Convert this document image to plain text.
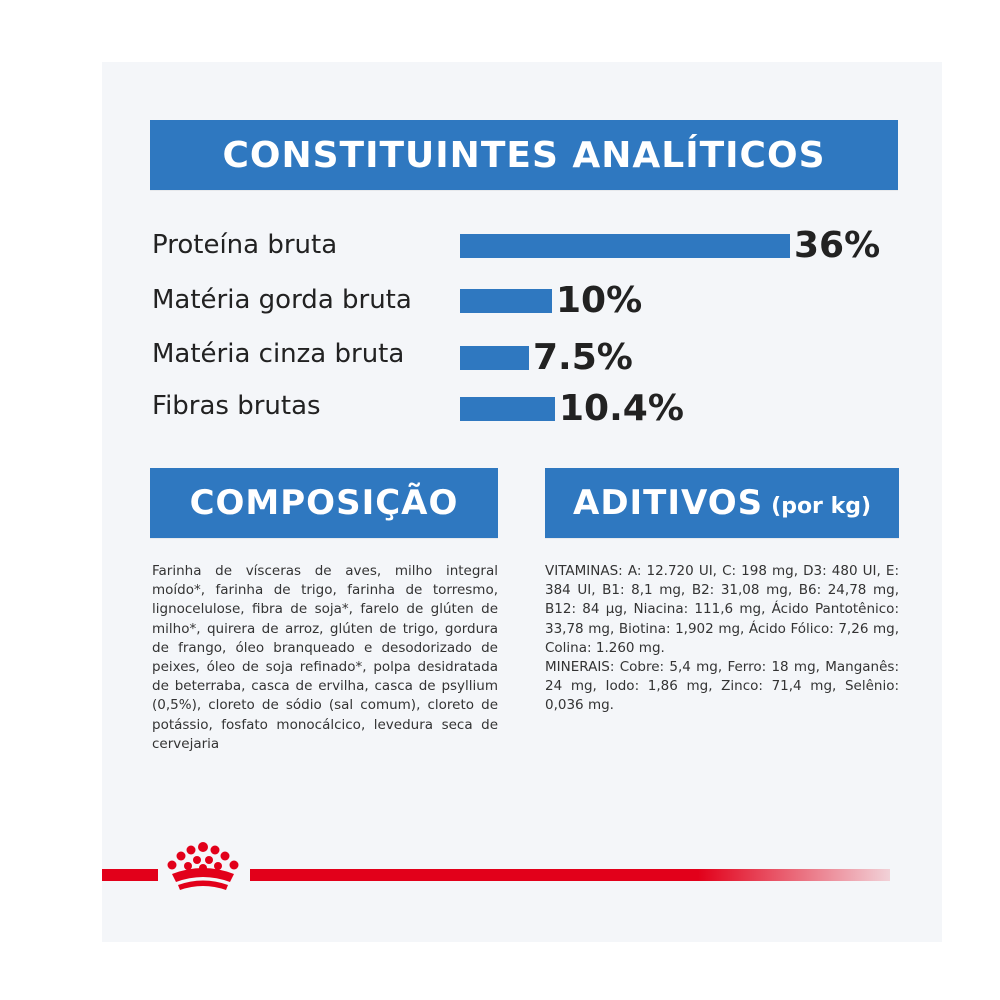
CONSTITUINTES ANALÍTICOS
Proteína bruta
Matéria gorda bruta
Matéria cinza bruta
Fibras brutas
36%
10%
7.5%
10.4%
COMPOSIÇÃO	ADITIVOS (por kg)
Farinha de vísceras de aves, milho integral moído*, farinha de trigo, farinha de torresmo, lignocelulose, fibra de soja*, farelo de glúten de milho*, quirera de arroz, glúten de trigo, gordura de frango, óleo branqueado e desodorizado de peixes, óleo de soja refinado*, polpa desidratada de beterraba, casca de ervilha, casca de psyllium (0,5%), cloreto de sódio (sal comum), cloreto de potássio, fosfato monocálcico, levedura seca de cervejaria

VITAMINAS: A: 12.720 UI, C: 198 mg, D3: 480 UI, E: 384 UI, B1: 8,1 mg, B2: 31,08 mg, B6: 24,78 mg, B12: 84 μg, Niacina: 111,6 mg, Ácido Pantotênico: 33,78 mg, Biotina: 1,902 mg, Ácido Fólico: 7,26 mg, Colina: 1.260 mg.

MINERAIS: Cobre: 5,4 mg, Ferro: 18 mg, Manganês: 24 mg, Iodo: 1,86 mg, Zinco: 71,4 mg, Selênio: 0,036 mg.
